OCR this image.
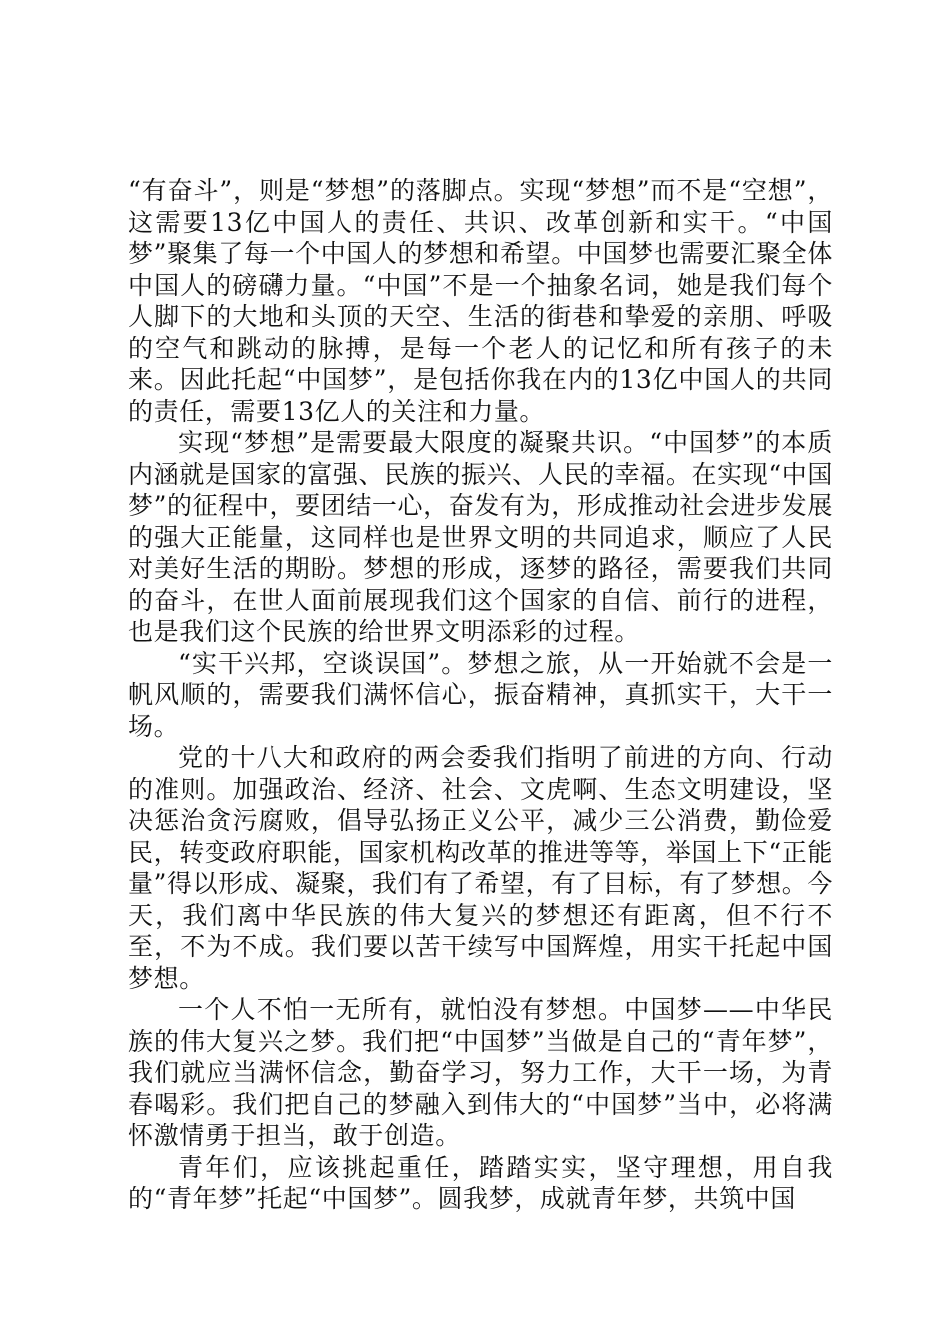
“有奋斗”，则是“梦想”的落脚点。实现“梦想”而不是“空想”，这需要13亿中国人的责任、共识、改革创新和实干。“中国梦”聚集了每一个中国人的梦想和希望。中国梦也需要汇聚全体中国人的磅礴力量。“中国”不是一个抽象名词，她是我们每个人脚下的大地和头顶的天空、生活的街巷和挚爱的亲朋、呼吸的空气和跳动的脉搏，是每一个老人的记忆和所有孩子的未来。因此托起“中国梦”，是包括你我在内的13亿中国人的共同的责任，需要13亿人的关注和力量。

实现“梦想”是需要最大限度的凝聚共识。“中国梦”的本质内涵就是国家的富强、民族的振兴、人民的幸福。在实现“中国梦”的征程中，要团结一心，奋发有为，形成推动社会进步发展的强大正能量，这同样也是世界文明的共同追求，顺应了人民对美好生活的期盼。梦想的形成，逐梦的路径，需要我们共同的奋斗，在世人面前展现我们这个国家的自信、前行的进程，也是我们这个民族的给世界文明添彩的过程。

“实干兴邦，空谈误国”。梦想之旅，从一开始就不会是一帆风顺的，需要我们满怀信心，振奋精神，真抓实干，大干一场。

党的十八大和政府的两会委我们指明了前进的方向、行动的准则。加强政治、经济、社会、文虎啊、生态文明建设，坚决惩治贪污腐败，倡导弘扬正义公平，减少三公消费，勤俭爱民，转变政府职能，国家机构改革的推进等等，举国上下“正能量”得以形成、凝聚，我们有了希望，有了目标，有了梦想。今天，我们离中华民族的伟大复兴的梦想还有距离，但不行不至，不为不成。我们要以苦干续写中国辉煌，用实干托起中国梦想。

一个人不怕一无所有，就怕没有梦想。中国梦——中华民族的伟大复兴之梦。我们把“中国梦”当做是自己的“青年梦”，我们就应当满怀信念，勤奋学习，努力工作，大干一场，为青春喝彩。我们把自己的梦融入到伟大的“中国梦”当中，必将满怀激情勇于担当，敢于创造。

青年们，应该挑起重任，踏踏实实，坚守理想，用自我的“青年梦”托起“中国梦”。圆我梦，成就青年梦，共筑中国
